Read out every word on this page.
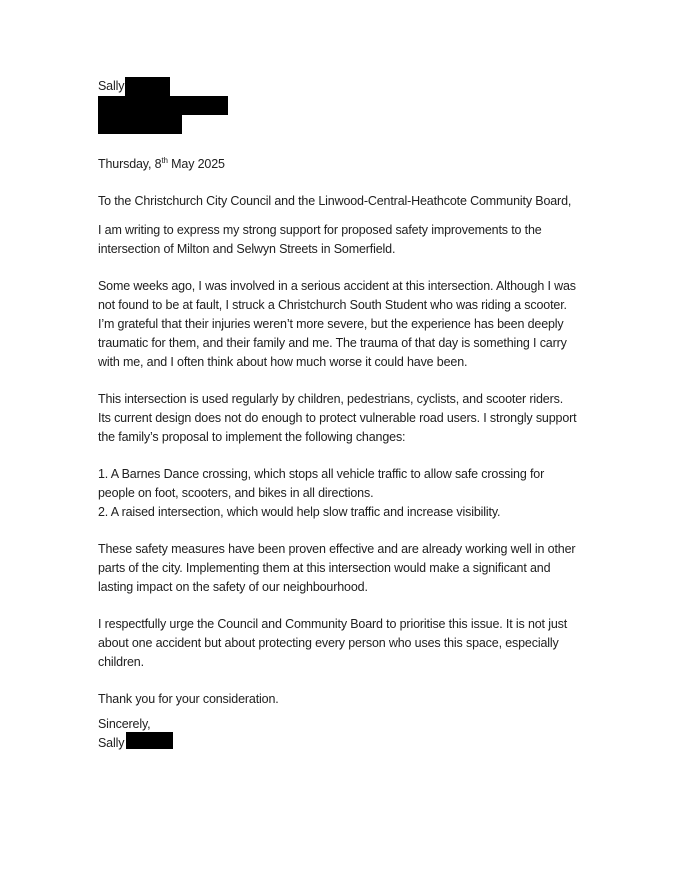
Sally

Thursday, 8th May 2025

To the Christchurch City Council and the Linwood-Central-Heathcote Community Board,

I am writing to express my strong support for proposed safety improvements to the intersection of Milton and Selwyn Streets in Somerfield.

Some weeks ago, I was involved in a serious accident at this intersection. Although I was not found to be at fault, I struck a Christchurch South Student who was riding a scooter. I’m grateful that their injuries weren’t more severe, but the experience has been deeply traumatic for them, and their family and me. The trauma of that day is something I carry with me, and I often think about how much worse it could have been.

This intersection is used regularly by children, pedestrians, cyclists, and scooter riders. Its current design does not do enough to protect vulnerable road users. I strongly support the family’s proposal to implement the following changes:

1. A Barnes Dance crossing, which stops all vehicle traffic to allow safe crossing for people on foot, scooters, and bikes in all directions.
2. A raised intersection, which would help slow traffic and increase visibility.

These safety measures have been proven effective and are already working well in other parts of the city. Implementing them at this intersection would make a significant and lasting impact on the safety of our neighbourhood.

I respectfully urge the Council and Community Board to prioritise this issue. It is not just about one accident but about protecting every person who uses this space, especially children.

Thank you for your consideration.

Sincerely,
Sally
